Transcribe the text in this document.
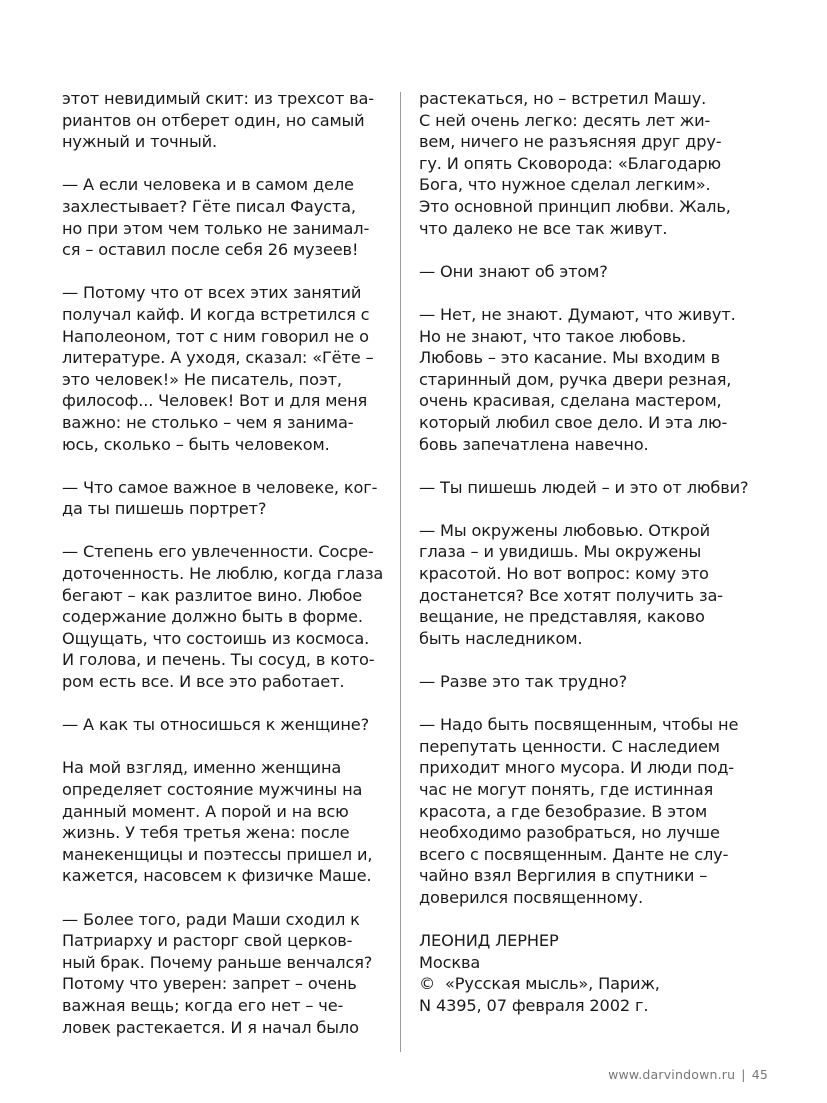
этот невидимый скит: из трехсот ва-
риантов он отберет один, но самый
нужный и точный.

— А если человека и в самом деле
захлестывает? Гёте писал Фауста,
но при этом чем только не занимал-
ся – оставил после себя 26 музеев!

— Потому что от всех этих занятий
получал кайф. И когда встретился с
Наполеоном, тот с ним говорил не о
литературе. А уходя, сказал: «Гёте –
это человек!» Не писатель, поэт,
философ... Человек! Вот и для меня
важно: не столько – чем я занима-
юсь, сколько – быть человеком.

— Что самое важное в человеке, ког-
да ты пишешь портрет?

— Степень его увлеченности. Сосре-
доточенность. Не люблю, когда глаза
бегают – как разлитое вино. Любое
содержание должно быть в форме.
Ощущать, что состоишь из космоса.
И голова, и печень. Ты сосуд, в кото-
ром есть все. И все это работает.

— А как ты относишься к женщине?

На мой взгляд, именно женщина
определяет состояние мужчины на
данный момент. А порой и на всю
жизнь. У тебя третья жена: после
манекенщицы и поэтессы пришел и,
кажется, насовсем к физичке Маше.

— Более того, ради Маши сходил к
Патриарху и расторг свой церков-
ный брак. Почему раньше венчался?
Потому что уверен: запрет – очень
важная вещь; когда его нет – че-
ловек растекается. И я начал было

растекаться, но – встретил Машу.
С ней очень легко: десять лет жи-
вем, ничего не разъясняя друг дру-
гу. И опять Сковорода: «Благодарю
Бога, что нужное сделал легким».
Это основной принцип любви. Жаль,
что далеко не все так живут.

— Они знают об этом?

— Нет, не знают. Думают, что живут.
Но не знают, что такое любовь.
Любовь – это касание. Мы входим в
старинный дом, ручка двери резная,
очень красивая, сделана мастером,
который любил свое дело. И эта лю-
бовь запечатлена навечно.

— Ты пишешь людей – и это от любви?

— Мы окружены любовью. Открой
глаза – и увидишь. Мы окружены
красотой. Но вот вопрос: кому это
достанется? Все хотят получить за-
вещание, не представляя, каково
быть наследником.

— Разве это так трудно?

— Надо быть посвященным, чтобы не
перепутать ценности. С наследием
приходит много мусора. И люди под-
час не могут понять, где истинная
красота, а где безобразие. В этом
необходимо разобраться, но лучше
всего с посвященным. Данте не слу-
чайно взял Вергилия в спутники –
доверился посвященному.

ЛЕОНИД ЛЕРНЕР
Москва
©  «Русская мысль», Париж,
N 4395, 07 февраля 2002 г.
www.darvindown.ru | 45
